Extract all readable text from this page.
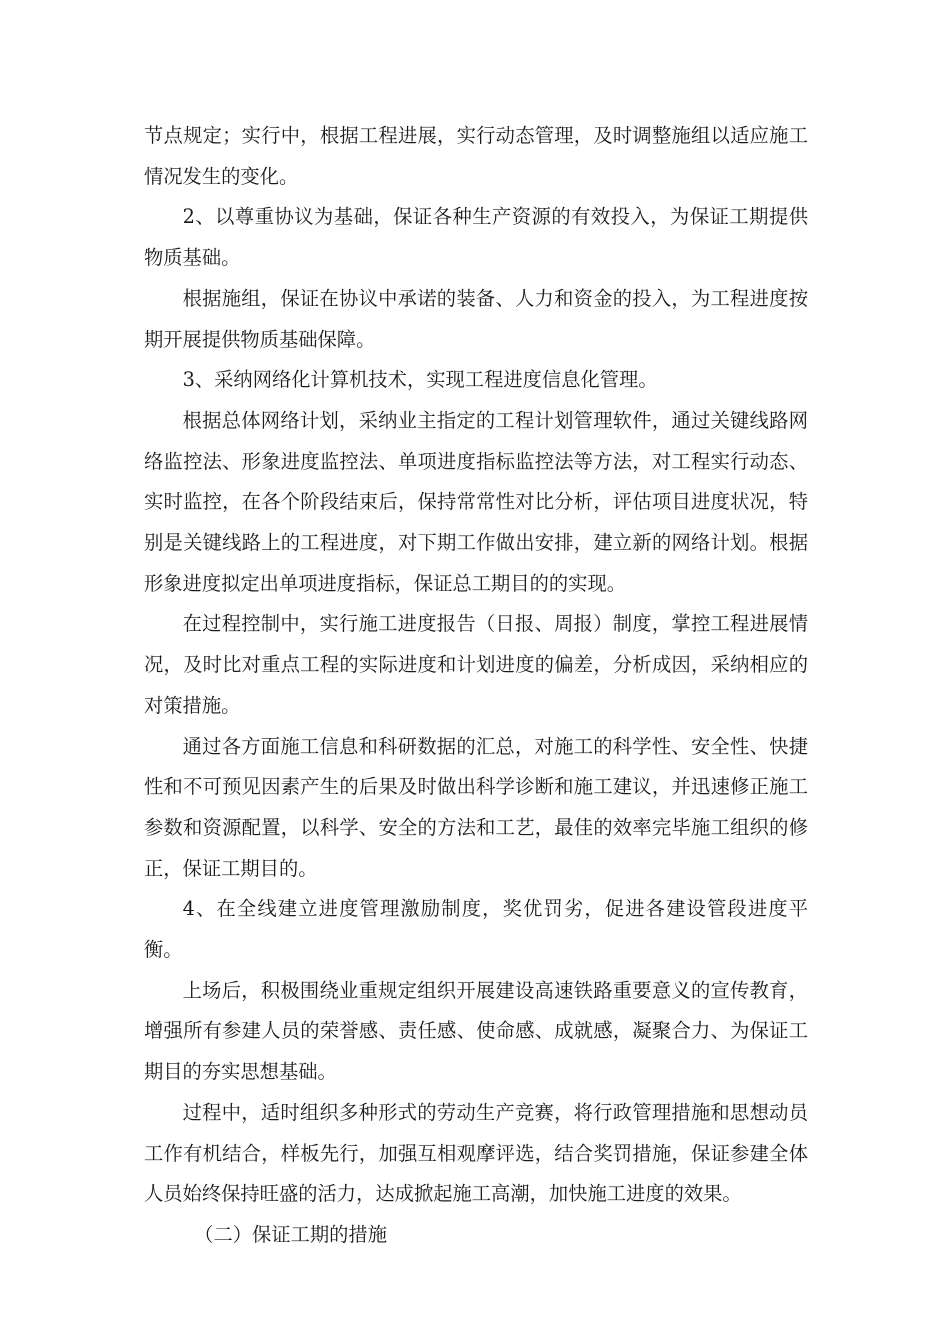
节点规定；实行中，根据工程进展，实行动态管理，及时调整施组以适应施工情况发生的变化。

2、以尊重协议为基础，保证各种生产资源的有效投入，为保证工期提供物质基础。

根据施组，保证在协议中承诺的装备、人力和资金的投入，为工程进度按期开展提供物质基础保障。

3、采纳网络化计算机技术，实现工程进度信息化管理。

根据总体网络计划，采纳业主指定的工程计划管理软件，通过关键线路网络监控法、形象进度监控法、单项进度指标监控法等方法，对工程实行动态、实时监控，在各个阶段结束后，保持常常性对比分析，评估项目进度状况，特别是关键线路上的工程进度，对下期工作做出安排，建立新的网络计划。根据形象进度拟定出单项进度指标，保证总工期目的的实现。

在过程控制中，实行施工进度报告（日报、周报）制度，掌控工程进展情况，及时比对重点工程的实际进度和计划进度的偏差，分析成因，采纳相应的对策措施。

通过各方面施工信息和科研数据的汇总，对施工的科学性、安全性、快捷性和不可预见因素产生的后果及时做出科学诊断和施工建议，并迅速修正施工参数和资源配置，以科学、安全的方法和工艺，最佳的效率完毕施工组织的修正，保证工期目的。

4、在全线建立进度管理激励制度，奖优罚劣，促进各建设管段进度平衡。

上场后，积极围绕业重规定组织开展建设高速铁路重要意义的宣传教育，增强所有参建人员的荣誉感、责任感、使命感、成就感，凝聚合力、为保证工期目的夯实思想基础。

过程中，适时组织多种形式的劳动生产竞赛，将行政管理措施和思想动员工作有机结合，样板先行，加强互相观摩评选，结合奖罚措施，保证参建全体人员始终保持旺盛的活力，达成掀起施工高潮，加快施工进度的效果。

（二）保证工期的措施
